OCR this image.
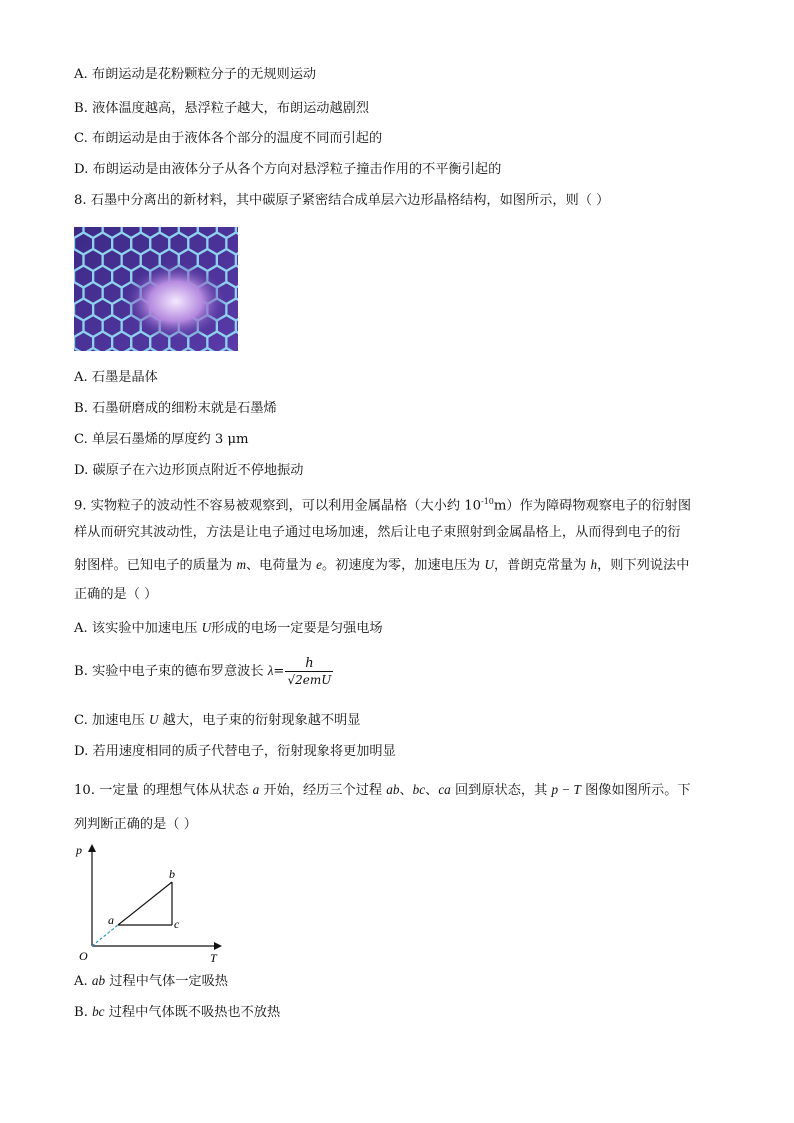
A. 布朗运动是花粉颗粒分子的无规则运动
B. 液体温度越高，悬浮粒子越大，布朗运动越剧烈
C. 布朗运动是由于液体各个部分的温度不同而引起的
D. 布朗运动是由液体分子从各个方向对悬浮粒子撞击作用的不平衡引起的
8. 石墨中分离出的新材料，其中碳原子紧密结合成单层六边形晶格结构，如图所示，则（ ）
A. 石墨是晶体
B. 石墨研磨成的细粉末就是石墨烯
C. 单层石墨烯的厚度约 3 μm
D. 碳原子在六边形顶点附近不停地振动
9. 实物粒子的波动性不容易被观察到，可以利用金属晶格（大小约 $10^{-10}m$）作为障碍物观察电子的衍射图
样从而研究其波动性，方法是让电子通过电场加速，然后让电子束照射到金属晶格上，从而得到电子的衍
射图样。已知电子的质量为 m、电荷量为 e。初速度为零，加速电压为 U，普朗克常量为 h，则下列说法中
正确的是（ ）
A. 该实验中加速电压 U形成的电场一定要是匀强电场
B. 实验中电子束的德布罗意波长 $\lambda= \frac{h}{\text{√2emU}}$
C. 加速电压 U 越大，电子束的衍射现象越不明显
D. 若用速度相同的质子代替电子，衍射现象将更加明显
10. 一定量 的理想气体从状态 a 开始，经历三个过程 ab、bc、ca 回到原状态，其 p − T 图像如图所示。下
列判断正确的是（ ）
p
T
O
a
b
c
A. ab 过程中气体一定吸热
B. bc 过程中气体既不吸热也不放热
